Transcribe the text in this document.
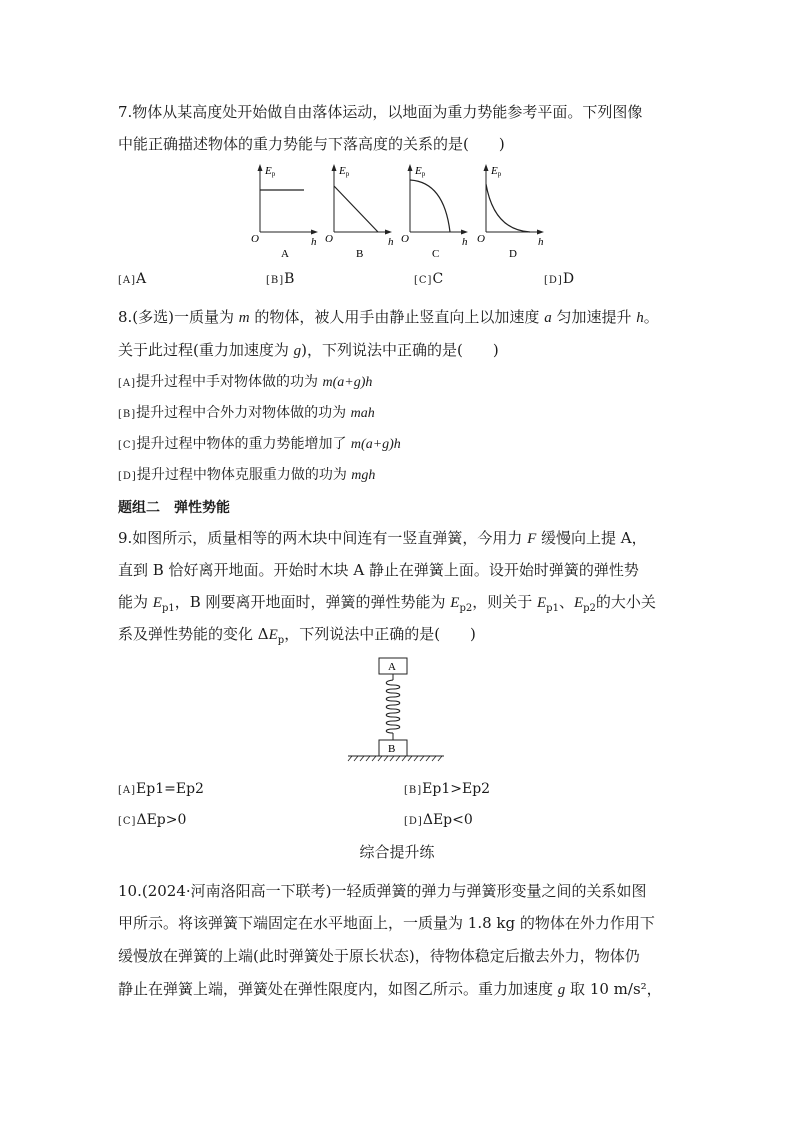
7.物体从某高度处开始做自由落体运动，以地面为重力势能参考平面。下列图像
中能正确描述物体的重力势能与下落高度的关系的是(　　)
Ep
O	h
A
Ep
O	h
B
Ep
O	h
C
Ep
O	h
D
[A]A	[B]B	[C]C	[D]D
8.(多选)一质量为 m 的物体，被人用手由静止竖直向上以加速度 a 匀加速提升 h。
关于此过程(重力加速度为 g)，下列说法中正确的是(　　)
[A]提升过程中手对物体做的功为 m(a+g)h
[B]提升过程中合外力对物体做的功为 mah
[C]提升过程中物体的重力势能增加了 m(a+g)h
[D]提升过程中物体克服重力做的功为 mgh
题组二　弹性势能
9.如图所示，质量相等的两木块中间连有一竖直弹簧，今用力 F 缓慢向上提 A，
直到 B 恰好离开地面。开始时木块 A 静止在弹簧上面。设开始时弹簧的弹性势
能为 $E_{p1}$，B 刚要离开地面时，弹簧的弹性势能为 $E_{p2}$，则关于 $E_{p1}$、$E_{p2}$的大小关
系及弹性势能的变化 $\Delta E_p$，下列说法中正确的是(　　)
A
B
[A]Ep1=Ep2	[B]Ep1>Ep2
[C]ΔEp>0	[D]ΔEp<0
综合提升练
10.(2024·河南洛阳高一下联考)一轻质弹簧的弹力与弹簧形变量之间的关系如图
甲所示。将该弹簧下端固定在水平地面上，一质量为 1.8 kg 的物体在外力作用下
缓慢放在弹簧的上端(此时弹簧处于原长状态)，待物体稳定后撤去外力，物体仍
静止在弹簧上端，弹簧处在弹性限度内，如图乙所示。重力加速度 g 取 10 m/s²，
